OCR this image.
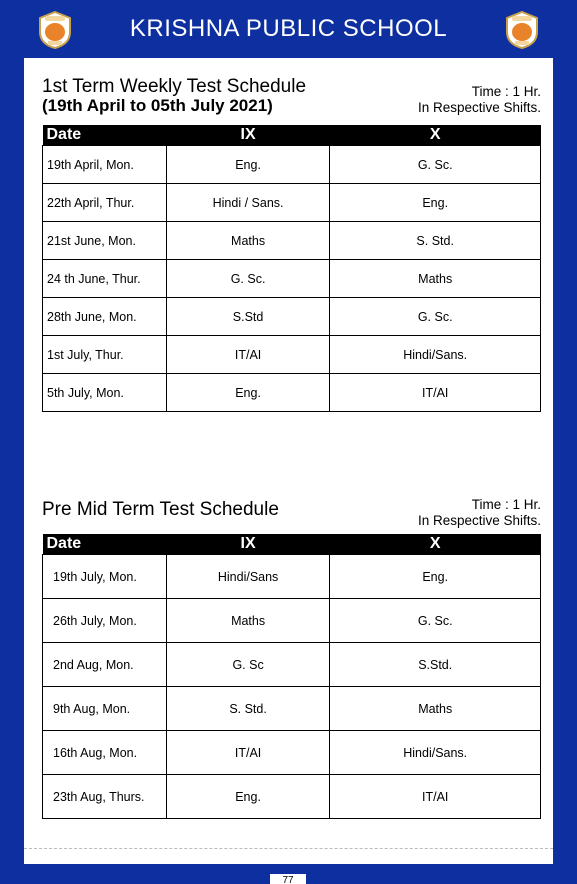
KRISHNA PUBLIC SCHOOL
1st Term Weekly Test Schedule
(19th April to 05th July 2021)
Time : 1 Hr.
In Respective Shifts.
Date	IX	X
19th April, Mon.	Eng.	G. Sc.
22th April, Thur.	Hindi / Sans.	Eng.
21st June, Mon.	Maths	S. Std.
24 th June, Thur.	G. Sc.	Maths
28th June, Mon.	S.Std	G. Sc.
1st July, Thur.	IT/AI	Hindi/Sans.
5th July, Mon.	Eng.	IT/AI
Pre Mid Term Test Schedule	Time : 1 Hr.
In Respective Shifts.
Date	IX	X
19th July, Mon.	Hindi/Sans	Eng.
26th July, Mon.	Maths	G. Sc.
2nd Aug, Mon.	G. Sc	S.Std.
9th Aug, Mon.	S. Std.	Maths
16th Aug, Mon.	IT/AI	Hindi/Sans.
23th Aug, Thurs.	Eng.	IT/AI
77
